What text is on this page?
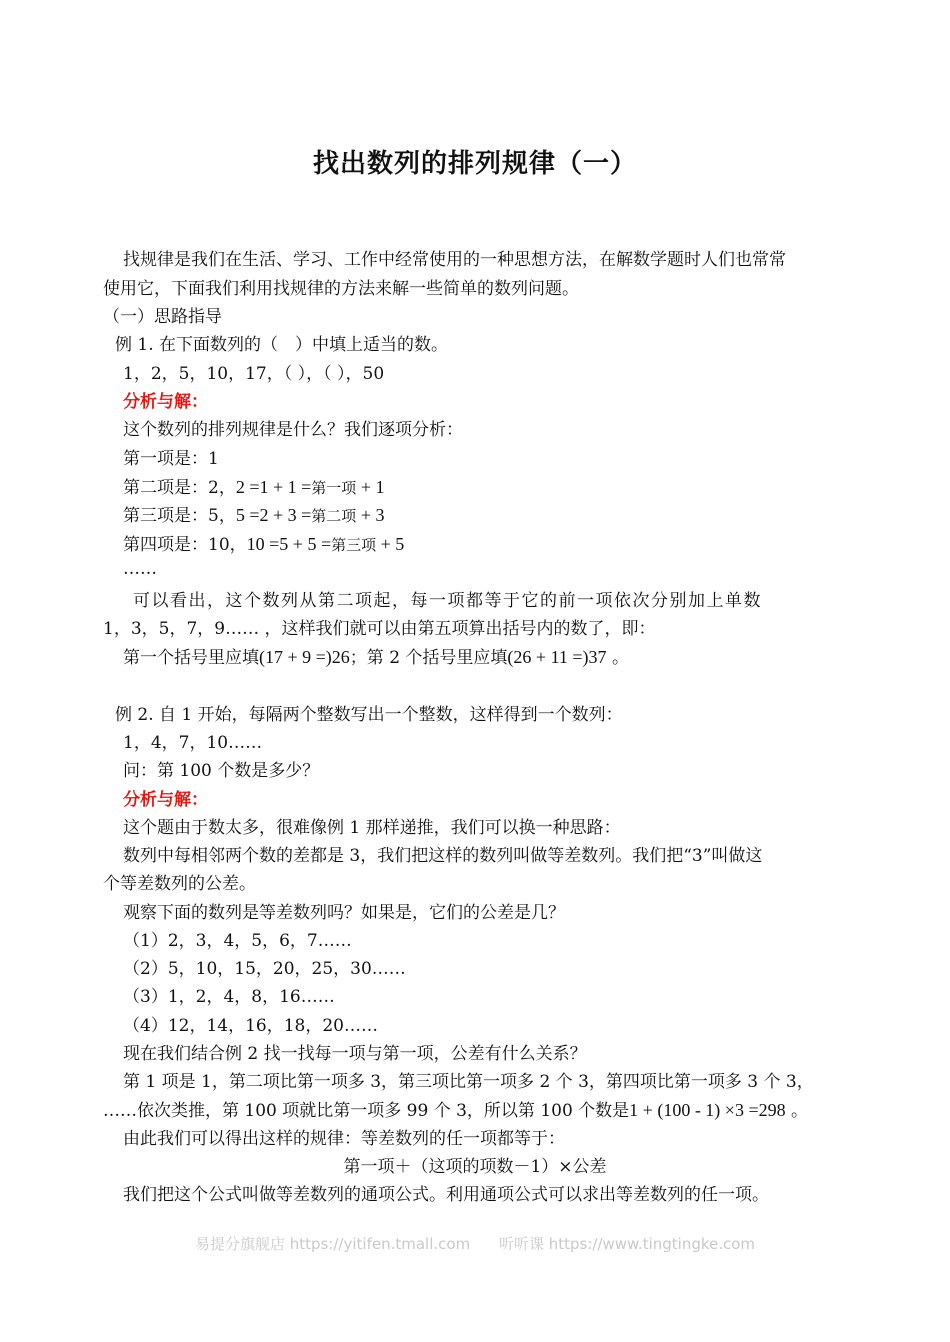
找出数列的排列规律（一）
找规律是我们在生活、学习、工作中经常使用的一种思想方法，在解数学题时人们也常常
使用它，下面我们利用找规律的方法来解一些简单的数列问题。
（一）思路指导
例 1. 在下面数列的（　）中填上适当的数。
1，2，5，10，17，（ ），（ ），50
分析与解：
这个数列的排列规律是什么？我们逐项分析：
第一项是：1
第二项是：2，2 =1 + 1 =第一项 + 1
第三项是：5，5 =2 + 3 =第二项 + 3
第四项是：10，10 =5 + 5 =第三项 + 5
……
可以看出，这个数列从第二项起，每一项都等于它的前一项依次分别加上单数
1，3，5，7，9…… ，这样我们就可以由第五项算出括号内的数了，即：
第一个括号里应填(17 + 9 =)26；第 2 个括号里应填(26 + 11 =)37 。
例 2. 自 1 开始，每隔两个整数写出一个整数，这样得到一个数列：
1，4，7，10……
问：第 100 个数是多少？
分析与解：
这个题由于数太多，很难像例 1 那样递推，我们可以换一种思路：
数列中每相邻两个数的差都是 3，我们把这样的数列叫做等差数列。我们把“3”叫做这
个等差数列的公差。
观察下面的数列是等差数列吗？如果是，它们的公差是几？
（1）2，3，4，5，6，7……
（2）5，10，15，20，25，30……
（3）1，2，4，8，16……
（4）12，14，16，18，20……
现在我们结合例 2 找一找每一项与第一项，公差有什么关系？
第 1 项是 1，第二项比第一项多 3，第三项比第一项多 2 个 3，第四项比第一项多 3 个 3，
……依次类推，第 100 项就比第一项多 99 个 3，所以第 100 个数是1 + (100 - 1) ×3 =298 。
由此我们可以得出这样的规律：等差数列的任一项都等于：
第一项＋（这项的项数－1）×公差
我们把这个公式叫做等差数列的通项公式。利用通项公式可以求出等差数列的任一项。
易提分旗舰店 https://yitifen.tmall.com 听听课 https://www.tingtingke.com
